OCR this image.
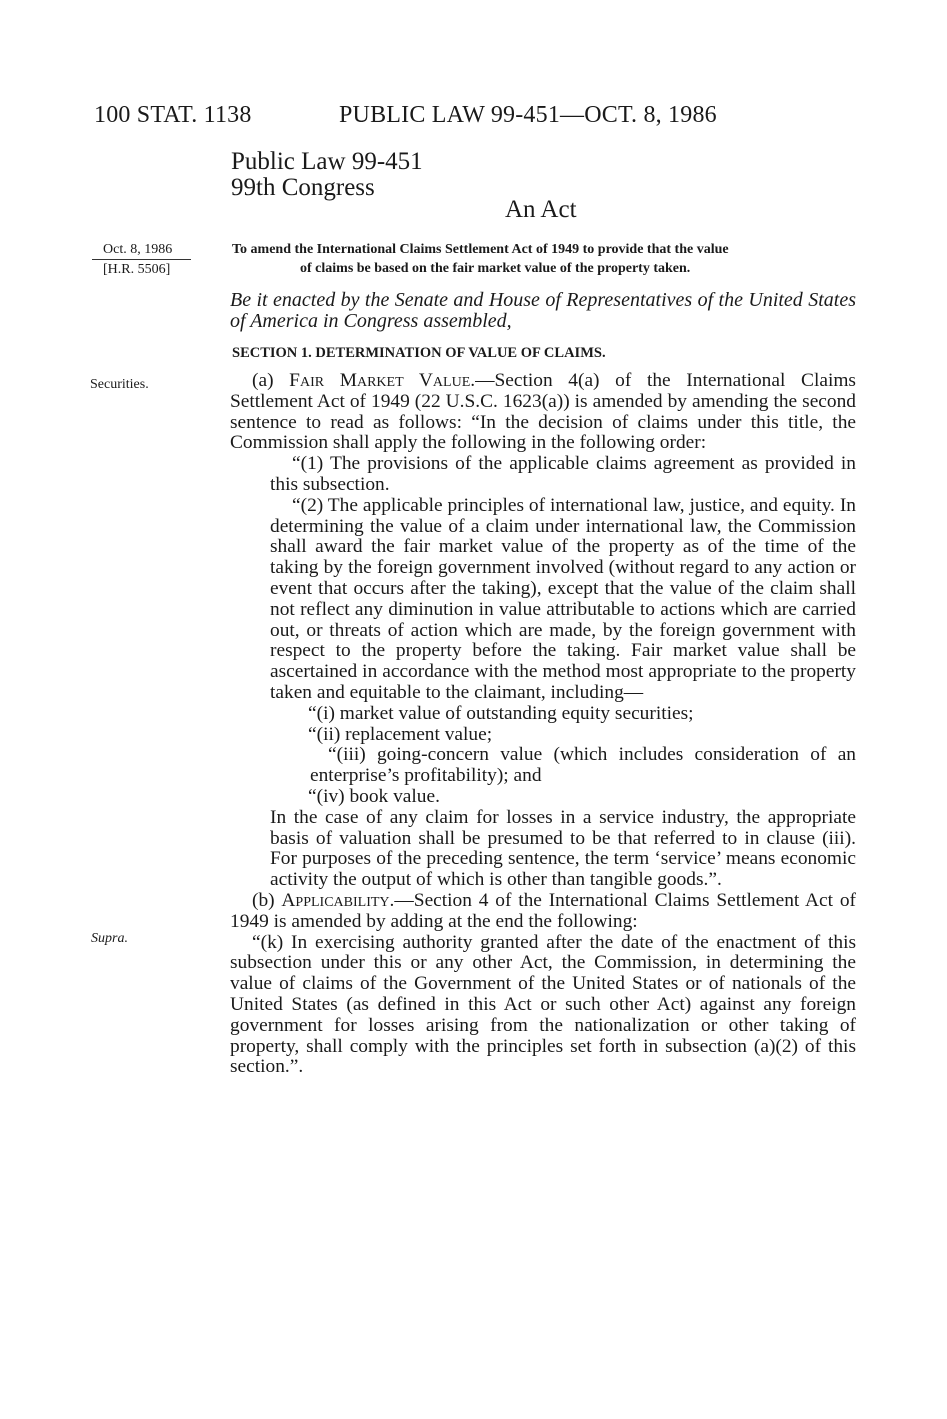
100 STAT. 1138	PUBLIC LAW 99-451—OCT. 8, 1986
Public Law 99-451
99th Congress
An Act
Oct. 8, 1986
[H.R. 5506]
Securities.
Supra.
To amend the International Claims Settlement Act of 1949 to provide that the value
of claims be based on the fair market value of the property taken.
Be it enacted by the Senate and House of Representatives of the United States of America in Congress assembled,
SECTION 1. DETERMINATION OF VALUE OF CLAIMS.

(a) Fair Market Value.—Section 4(a) of the International Claims Settlement Act of 1949 (22 U.S.C. 1623(a)) is amended by amending the second sentence to read as follows: “In the decision of claims under this title, the Commission shall apply the following in the following order:

“(1) The provisions of the applicable claims agreement as provided in this subsection.

“(2) The applicable principles of international law, justice, and equity. In determining the value of a claim under international law, the Commission shall award the fair market value of the property as of the time of the taking by the foreign government involved (without regard to any action or event that occurs after the taking), except that the value of the claim shall not reflect any diminution in value attributable to actions which are carried out, or threats of action which are made, by the foreign government with respect to the property before the taking. Fair market value shall be ascertained in accordance with the method most appropriate to the property taken and equitable to the claimant, including—

“(i) market value of outstanding equity securities;

“(ii) replacement value;

“(iii) going-concern value (which includes consideration of an enterprise’s profitability); and

“(iv) book value.

In the case of any claim for losses in a service industry, the appropriate basis of valuation shall be presumed to be that referred to in clause (iii). For purposes of the preceding sentence, the term ‘service’ means economic activity the output of which is other than tangible goods.”.

(b) Applicability.—Section 4 of the International Claims Settlement Act of 1949 is amended by adding at the end the following:

“(k) In exercising authority granted after the date of the enactment of this subsection under this or any other Act, the Commission, in determining the value of claims of the Government of the United States or of nationals of the United States (as defined in this Act or such other Act) against any foreign government for losses arising from the nationalization or other taking of property, shall comply with the principles set forth in subsection (a)(2) of this section.”.
